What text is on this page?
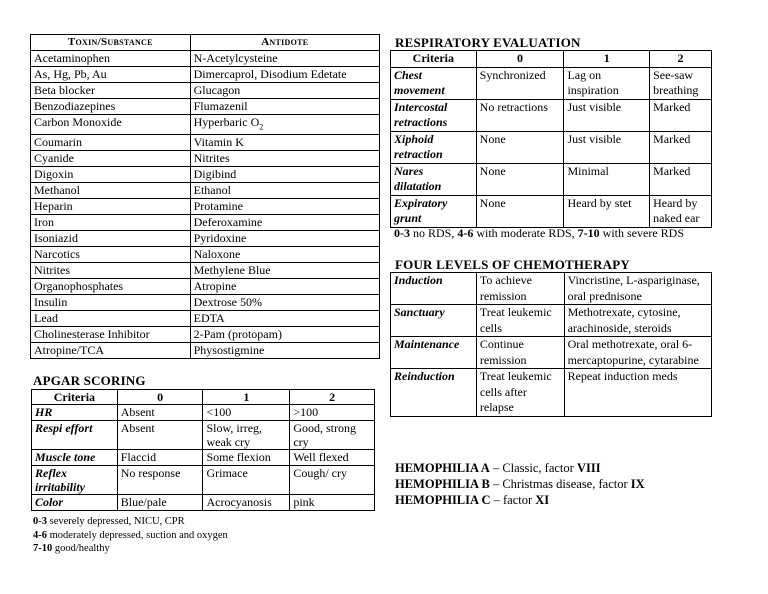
Toxin/Substance	Antidote
Acetaminophen	N-Acetylcysteine
As, Hg, Pb, Au	Dimercaprol, Disodium Edetate
Beta blocker	Glucagon
Benzodiazepines	Flumazenil
Carbon Monoxide	Hyperbaric $O_2$
Coumarin	Vitamin K
Cyanide	Nitrites
Digoxin	Digibind
Methanol	Ethanol
Heparin	Protamine
Iron	Deferoxamine
Isoniazid	Pyridoxine
Narcotics	Naloxone
Nitrites	Methylene Blue
Organophosphates	Atropine
Insulin	Dextrose 50%
Lead	EDTA
Cholinesterase Inhibitor	2-Pam (protopam)
Atropine/TCA	Physostigmine
APGAR SCORING
Criteria	0	1	2
HR	Absent	<100	>100
Respi effort	Absent	Slow, irreg, weak cry	Good, strong cry
Muscle tone	Flaccid	Some flexion	Well flexed
Reflex irritability	No response	Grimace	Cough/ cry
Color	Blue/pale	Acrocyanosis	pink
0-3 severely depressed, NICU, CPR
4-6 moderately depressed, suction and oxygen
7-10 good/healthy
RESPIRATORY EVALUATION
Criteria	0	1	2
Chest movement	Synchronized	Lag on inspiration	See-saw breathing
Intercostal retractions	No retractions	Just visible	Marked
Xiphoid retraction	None	Just visible	Marked
Nares dilatation	None	Minimal	Marked
Expiratory grunt	None	Heard by stet	Heard by naked ear
0-3 no RDS, 4-6 with moderate RDS, 7-10 with severe RDS
FOUR LEVELS OF CHEMOTHERAPY
Induction	To achieve remission	Vincristine, L-aspariginase, oral prednisone
Sanctuary	Treat leukemic cells	Methotrexate, cytosine, arachinoside, steroids
Maintenance	Continue remission	Oral methotrexate, oral 6-mercaptopurine, cytarabine
Reinduction	Treat leukemic cells after relapse	Repeat induction meds
HEMOPHILIA A – Classic, factor VIII
HEMOPHILIA B – Christmas disease, factor IX
HEMOPHILIA C – factor XI
